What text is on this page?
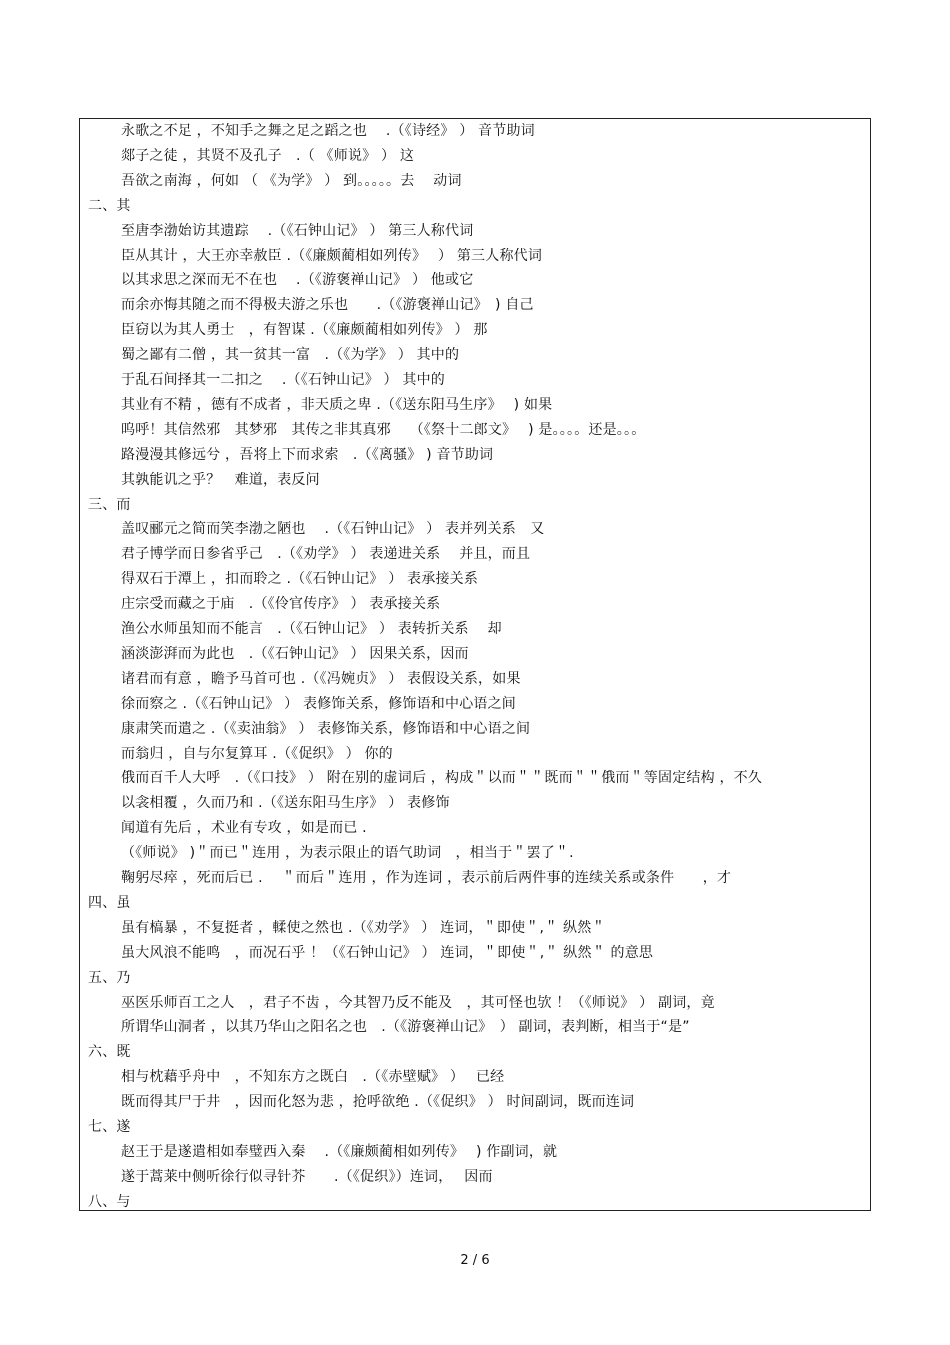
永歌之不足 ，不知手之舞之足之蹈之也　 .（《诗经》 ） 音节助词
郯子之徒 ，其贤不及孔子　.（ 《师说》 ） 这
吾欲之南海 ，何如 （ 《为学》 ） 到。。。。。去　 动词
二、其
至唐李渤始访其遗踪　 .（《石钟山记》 ） 第三人称代词
臣从其计 ，大王亦幸赦臣 .（《廉颇蔺相如列传》　 ） 第三人称代词
以其求思之深而无不在也　 .（《游褒禅山记》 ） 他或它
而余亦悔其随之而不得极夫游之乐也　　.（《游褒禅山记》　) 自己
臣窃以为其人勇士　，有智谋 .（《廉颇蔺相如列传》 ） 那
蜀之鄙有二僧 ，其一贫其一富　.（《为学》 ） 其中的
于乱石间择其一二扣之　 .（《石钟山记》 ） 其中的
其业有不精 ，德有不成者 ，非天质之卑 .（《送东阳马生序》　 ) 如果
呜呼！其信然邪　其梦邪　其传之非其真邪　 （《祭十二郎文》　 ) 是。。。。还是。。。
路漫漫其修远兮 ，吾将上下而求索　.（《离骚》 ) 音节助词
其孰能讥之乎？　难道，表反问
三、而
盖叹郦元之简而笑李渤之陋也　 .（《石钟山记》 ） 表并列关系　又
君子博学而日参省乎己　.（《劝学》 ） 表递进关系　 并且，而且
得双石于潭上 ，扣而聆之 .（《石钟山记》 ） 表承接关系
庄宗受而藏之于庙　.（《伶官传序》 ） 表承接关系
渔公水师虽知而不能言　.（《石钟山记》 ） 表转折关系　 却
涵淡澎湃而为此也　.（《石钟山记》 ） 因果关系，因而
诸君而有意 ，瞻予马首可也 .（《冯婉贞》 ） 表假设关系，如果
徐而察之 .（《石钟山记》 ） 表修饰关系，修饰语和中心语之间
康肃笑而遣之 .（《卖油翁》 ） 表修饰关系，修饰语和中心语之间
而翁归 ，自与尔复算耳 .（《促织》 ） 你的
俄而百千人大呼　.（《口技》 ） 附在别的虚词后 ，构成＂以而＂＂既而＂＂俄而＂等固定结构 ，不久
以衾相覆 ，久而乃和 .（《送东阳马生序》 ） 表修饰
闻道有先后 ，术业有专攻 ，如是而已 .
（《师说》 )＂而已＂连用 ，为表示限止的语气助词　，相当于＂罢了＂.
鞠躬尽瘁 ，死而后已 .　 ＂而后＂连用 ，作为连词 ，表示前后两件事的连续关系或条件　　，才
四、虽
虽有槁暴 ，不复挺者 ，輮使之然也 .（《劝学》 ） 连词，＂即使＂,＂ 纵然＂
虽大风浪不能鸣　，而况石乎 ！（《石钟山记》 ） 连词，＂即使＂,＂ 纵然＂ 的意思
五、乃
巫医乐师百工之人　，君子不齿 ，今其智乃反不能及　，其可怪也欤 ！（《师说》 ） 副词，竟
所谓华山洞者 ，以其乃华山之阳名之也　.（《游褒禅山记》　） 副词，表判断，相当于“是”
六、既
相与枕藉乎舟中　，不知东方之既白　.（《赤壁赋》 ）　 已经
既而得其尸于井　，因而化怒为悲 ，抢呼欲绝 .（《促织》 ） 时间副词，既而连词
七、遂
赵王于是遂遣相如奉璧西入秦　 .（《廉颇蔺相如列传》　 ) 作副词，就
遂于蒿莱中侧听徐行似寻针芥　　.（《促织》）连词，　 因而
八、与
2 / 6
